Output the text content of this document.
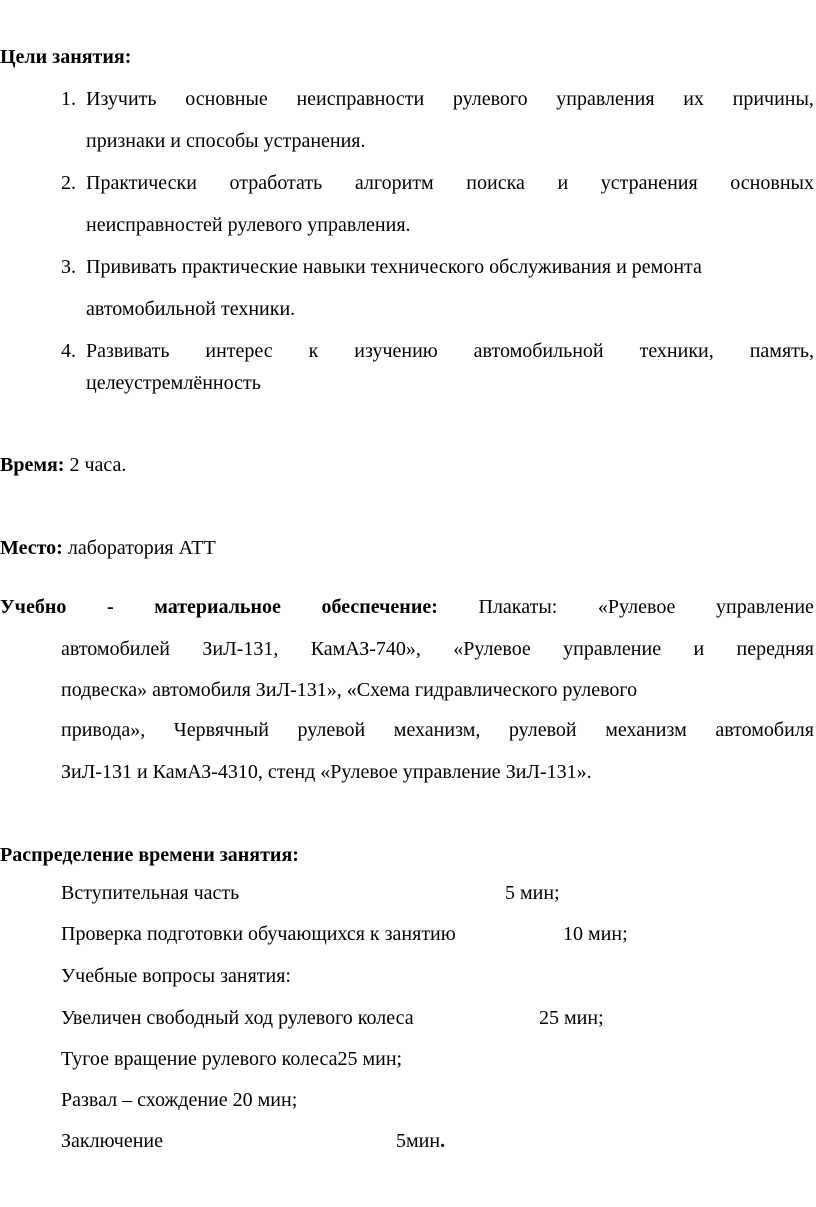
Цели занятия:
1. Изучить основные неисправности рулевого управления их причины,
признаки и способы устранения.
2. Практически отработать алгоритм поиска и устранения основных
неисправностей рулевого управления.
3. Прививать практические навыки технического обслуживания и ремонта
автомобильной техники.
4. Развивать интерес к изучению автомобильной техники, память,
целеустремлённость
Время: 2 часа.
Место: лаборатория АТТ
Учебно - материальное обеспечение: Плакаты: «Рулевое управление
автомобилей ЗиЛ-131, КамАЗ-740», «Рулевое управление и передняя
подвеска» автомобиля ЗиЛ-131», «Схема гидравлического рулевого
привода», Червячный рулевой механизм, рулевой механизм автомобиля
ЗиЛ-131 и КамАЗ-4310, стенд «Рулевое управление ЗиЛ-131».
Распределение времени занятия:
Вступительная часть	5 мин;
Проверка подготовки обучающихся к занятию	10 мин;
Учебные вопросы занятия:
Увеличен свободный ход рулевого колеса	25 мин;
Тугое вращение рулевого колеса25 мин;
Развал – схождение 20 мин;
Заключение	5мин.
